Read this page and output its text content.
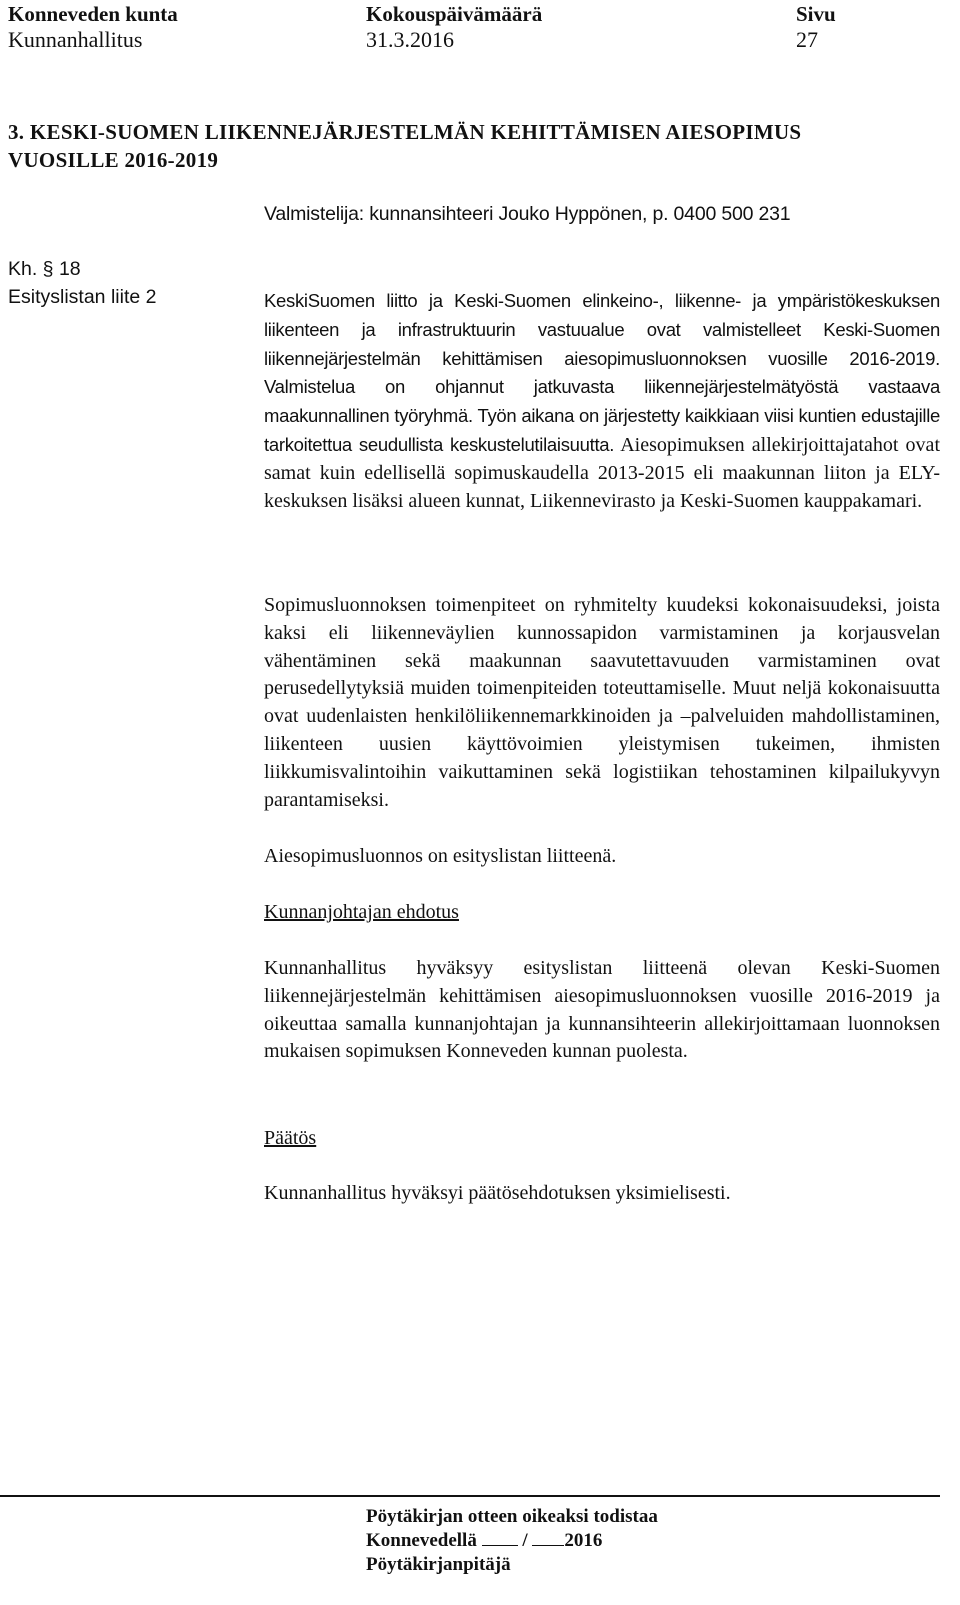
Konneveden kunta
Kunnanhallitus
Kokouspäivämäärä
31.3.2016
Sivu
27
3. KESKI-SUOMEN LIIKENNEJÄRJESTELMÄN KEHITTÄMISEN AIESOPIMUS
VUOSILLE 2016-2019
Valmistelija: kunnansihteeri Jouko Hyppönen, p. 0400 500 231
Kh. § 18
Esityslistan liite 2	KeskiSuomen liitto ja Keski-Suomen elinkeino-, liikenne- ja ympäristökeskuksen liikenteen ja infrastruktuurin vastuualue ovat valmistelleet Keski-Suomen liikennejärjestelmän kehittämisen aiesopimusluonnoksen vuosille 2016-2019. Valmistelua on ohjannut jatkuvasta liikennejärjestelmätyöstä vastaava maakunnallinen työryhmä. Työn aikana on järjestetty kaikkiaan viisi kuntien edustajille tarkoitettua seudullista keskustelutilaisuutta. Aiesopimuksen allekirjoittajatahot ovat samat kuin edellisellä sopimuskaudella 2013-2015 eli maakunnan liiton ja ELY-keskuksen lisäksi alueen kunnat, Liikennevirasto ja Keski-Suomen kauppakamari.
Sopimusluonnoksen toimenpiteet on ryhmitelty kuudeksi kokonaisuudeksi, joista kaksi eli liikenneväylien kunnossapidon varmistaminen ja korjausvelan vähentäminen sekä maakunnan saavutettavuuden varmistaminen ovat perusedellytyksiä muiden toimenpiteiden toteuttamiselle. Muut neljä kokonaisuutta ovat uudenlaisten henkilöliikennemarkkinoiden ja –palveluiden mahdollistaminen, liikenteen uusien käyttövoimien yleistymisen tukeimen, ihmisten liikkumisvalintoihin vaikuttaminen sekä logistiikan tehostaminen kilpailukyvyn parantamiseksi.
Aiesopimusluonnos on esityslistan liitteenä.
Kunnanjohtajan ehdotus
Kunnanhallitus hyväksyy esityslistan liitteenä olevan Keski-Suomen liikennejärjestelmän kehittämisen aiesopimusluonnoksen vuosille 2016-2019 ja oikeuttaa samalla kunnanjohtajan ja kunnansihteerin allekirjoittamaan luonnoksen mukaisen sopimuksen Konneveden kunnan puolesta.
Päätös
Kunnanhallitus hyväksyi päätösehdotuksen yksimielisesti.
Pöytäkirjan otteen oikeaksi todistaa
Konnevedellä / 2016
Pöytäkirjanpitäjä
